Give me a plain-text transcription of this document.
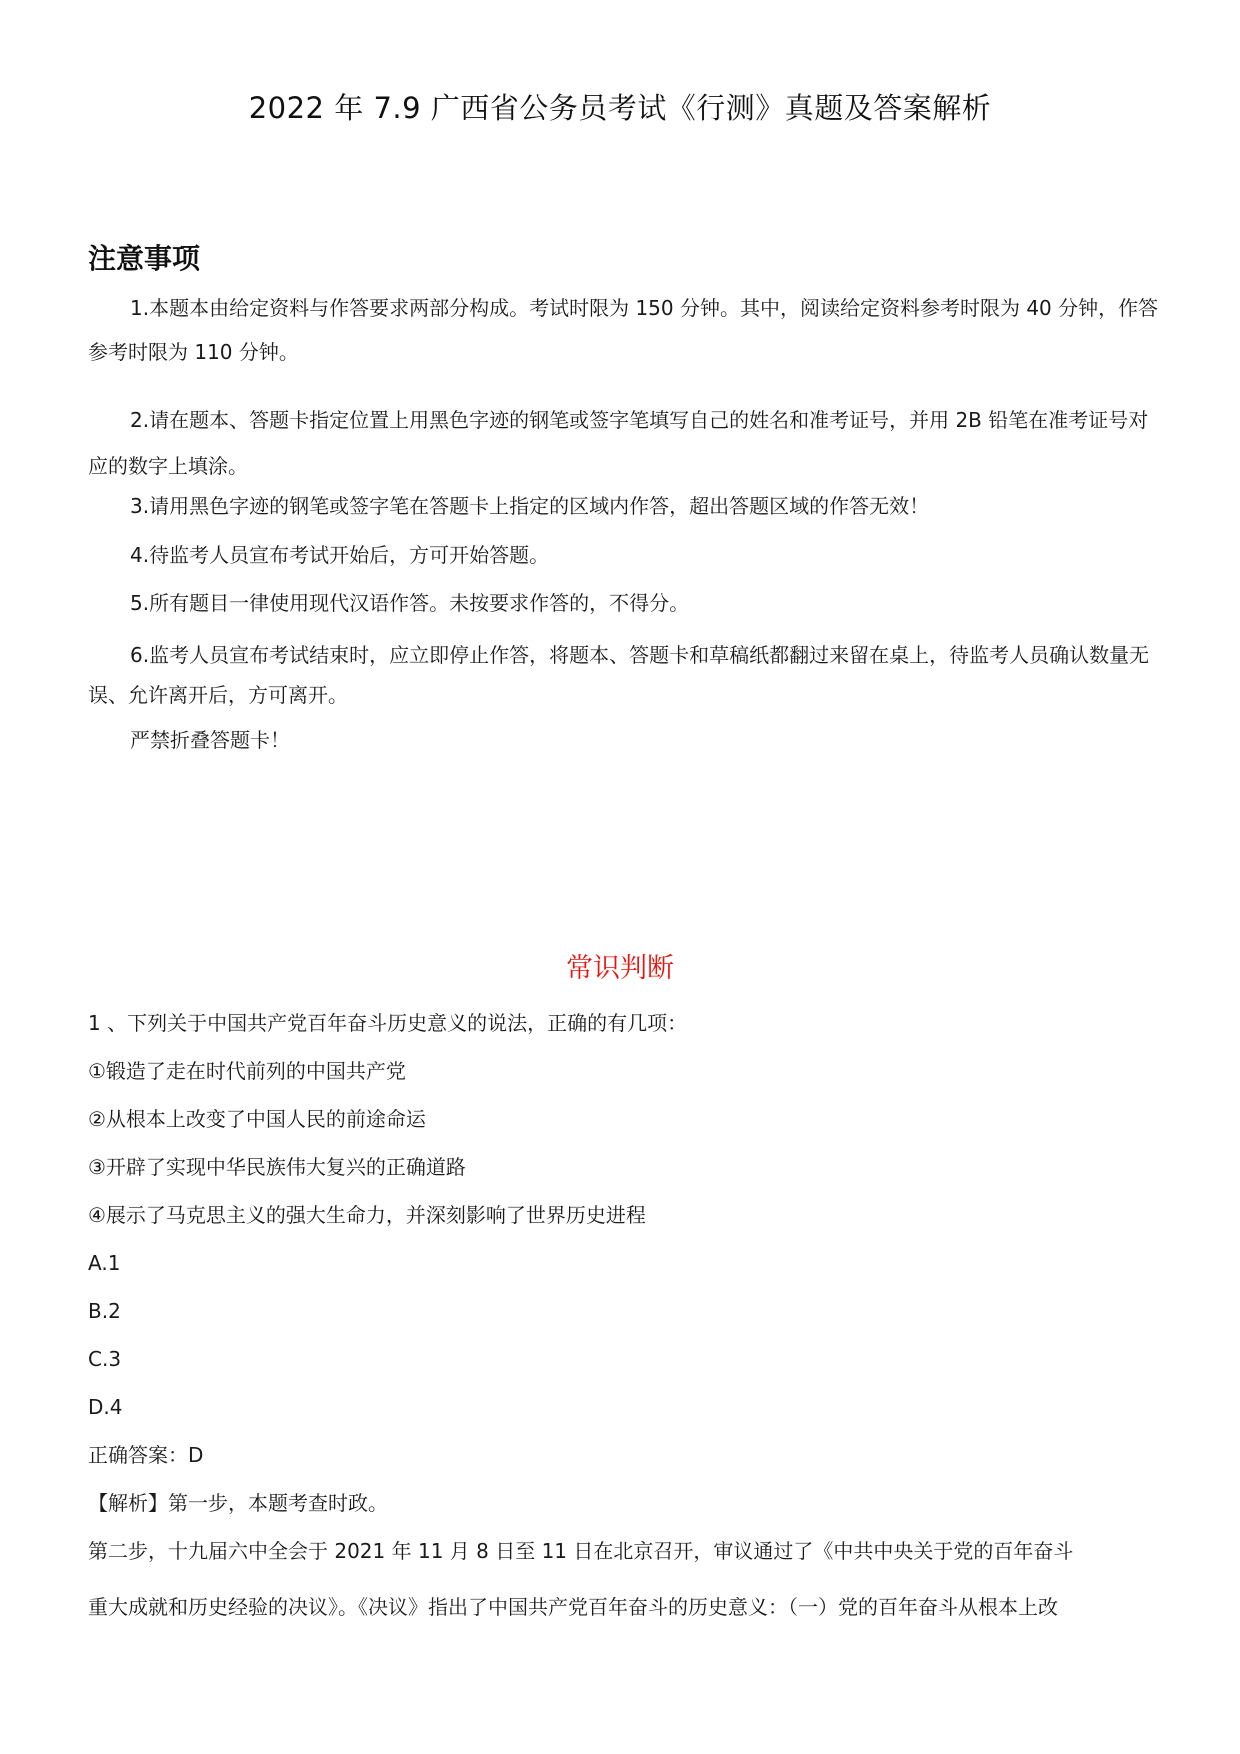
2022 年 7.9 广西省公务员考试《行测》真题及答案解析
注意事项

1.本题本由给定资料与作答要求两部分构成。考试时限为 150 分钟。其中，阅读给定资料参考时限为 40 分钟，作答参考时限为 110 分钟。

2.请在题本、答题卡指定位置上用黑色字迹的钢笔或签字笔填写自己的姓名和准考证号，并用 2B 铅笔在准考证号对应的数字上填涂。

3.请用黑色字迹的钢笔或签字笔在答题卡上指定的区域内作答，超出答题区域的作答无效！

4.待监考人员宣布考试开始后，方可开始答题。

5.所有题目一律使用现代汉语作答。未按要求作答的，不得分。

6.监考人员宣布考试结束时，应立即停止作答，将题本、答题卡和草稿纸都翻过来留在桌上，待监考人员确认数量无误、允许离开后，方可离开。

严禁折叠答题卡！

常识判断
1 、下列关于中国共产党百年奋斗历史意义的说法，正确的有几项：
①锻造了走在时代前列的中国共产党
②从根本上改变了中国人民的前途命运
③开辟了实现中华民族伟大复兴的正确道路
④展示了马克思主义的强大生命力，并深刻影响了世界历史进程
A.1
B.2
C.3
D.4
正确答案：D
【解析】第一步，本题考查时政。
第二步，十九届六中全会于 2021 年 11 月 8 日至 11 日在北京召开，审议通过了《中共中央关于党的百年奋斗
重大成就和历史经验的决议》。《决议》指出了中国共产党百年奋斗的历史意义：（一）党的百年奋斗从根本上改
